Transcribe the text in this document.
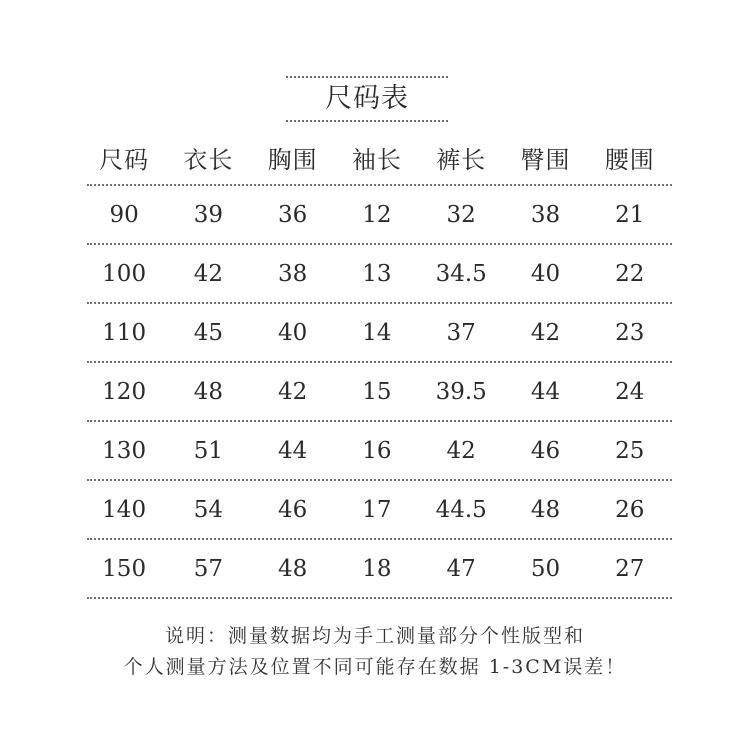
尺码表
尺码	衣长	胸围	袖长	裤长	臀围	腰围
90	39	36	12	32	38	21
100	42	38	13	34.5	40	22
110	45	40	14	37	42	23
120	48	42	15	39.5	44	24
130	51	44	16	42	46	25
140	54	46	17	44.5	48	26
150	57	48	18	47	50	27
说明：测量数据均为手工测量部分个性版型和
个人测量方法及位置不同可能存在数据 1-3CM误差！
